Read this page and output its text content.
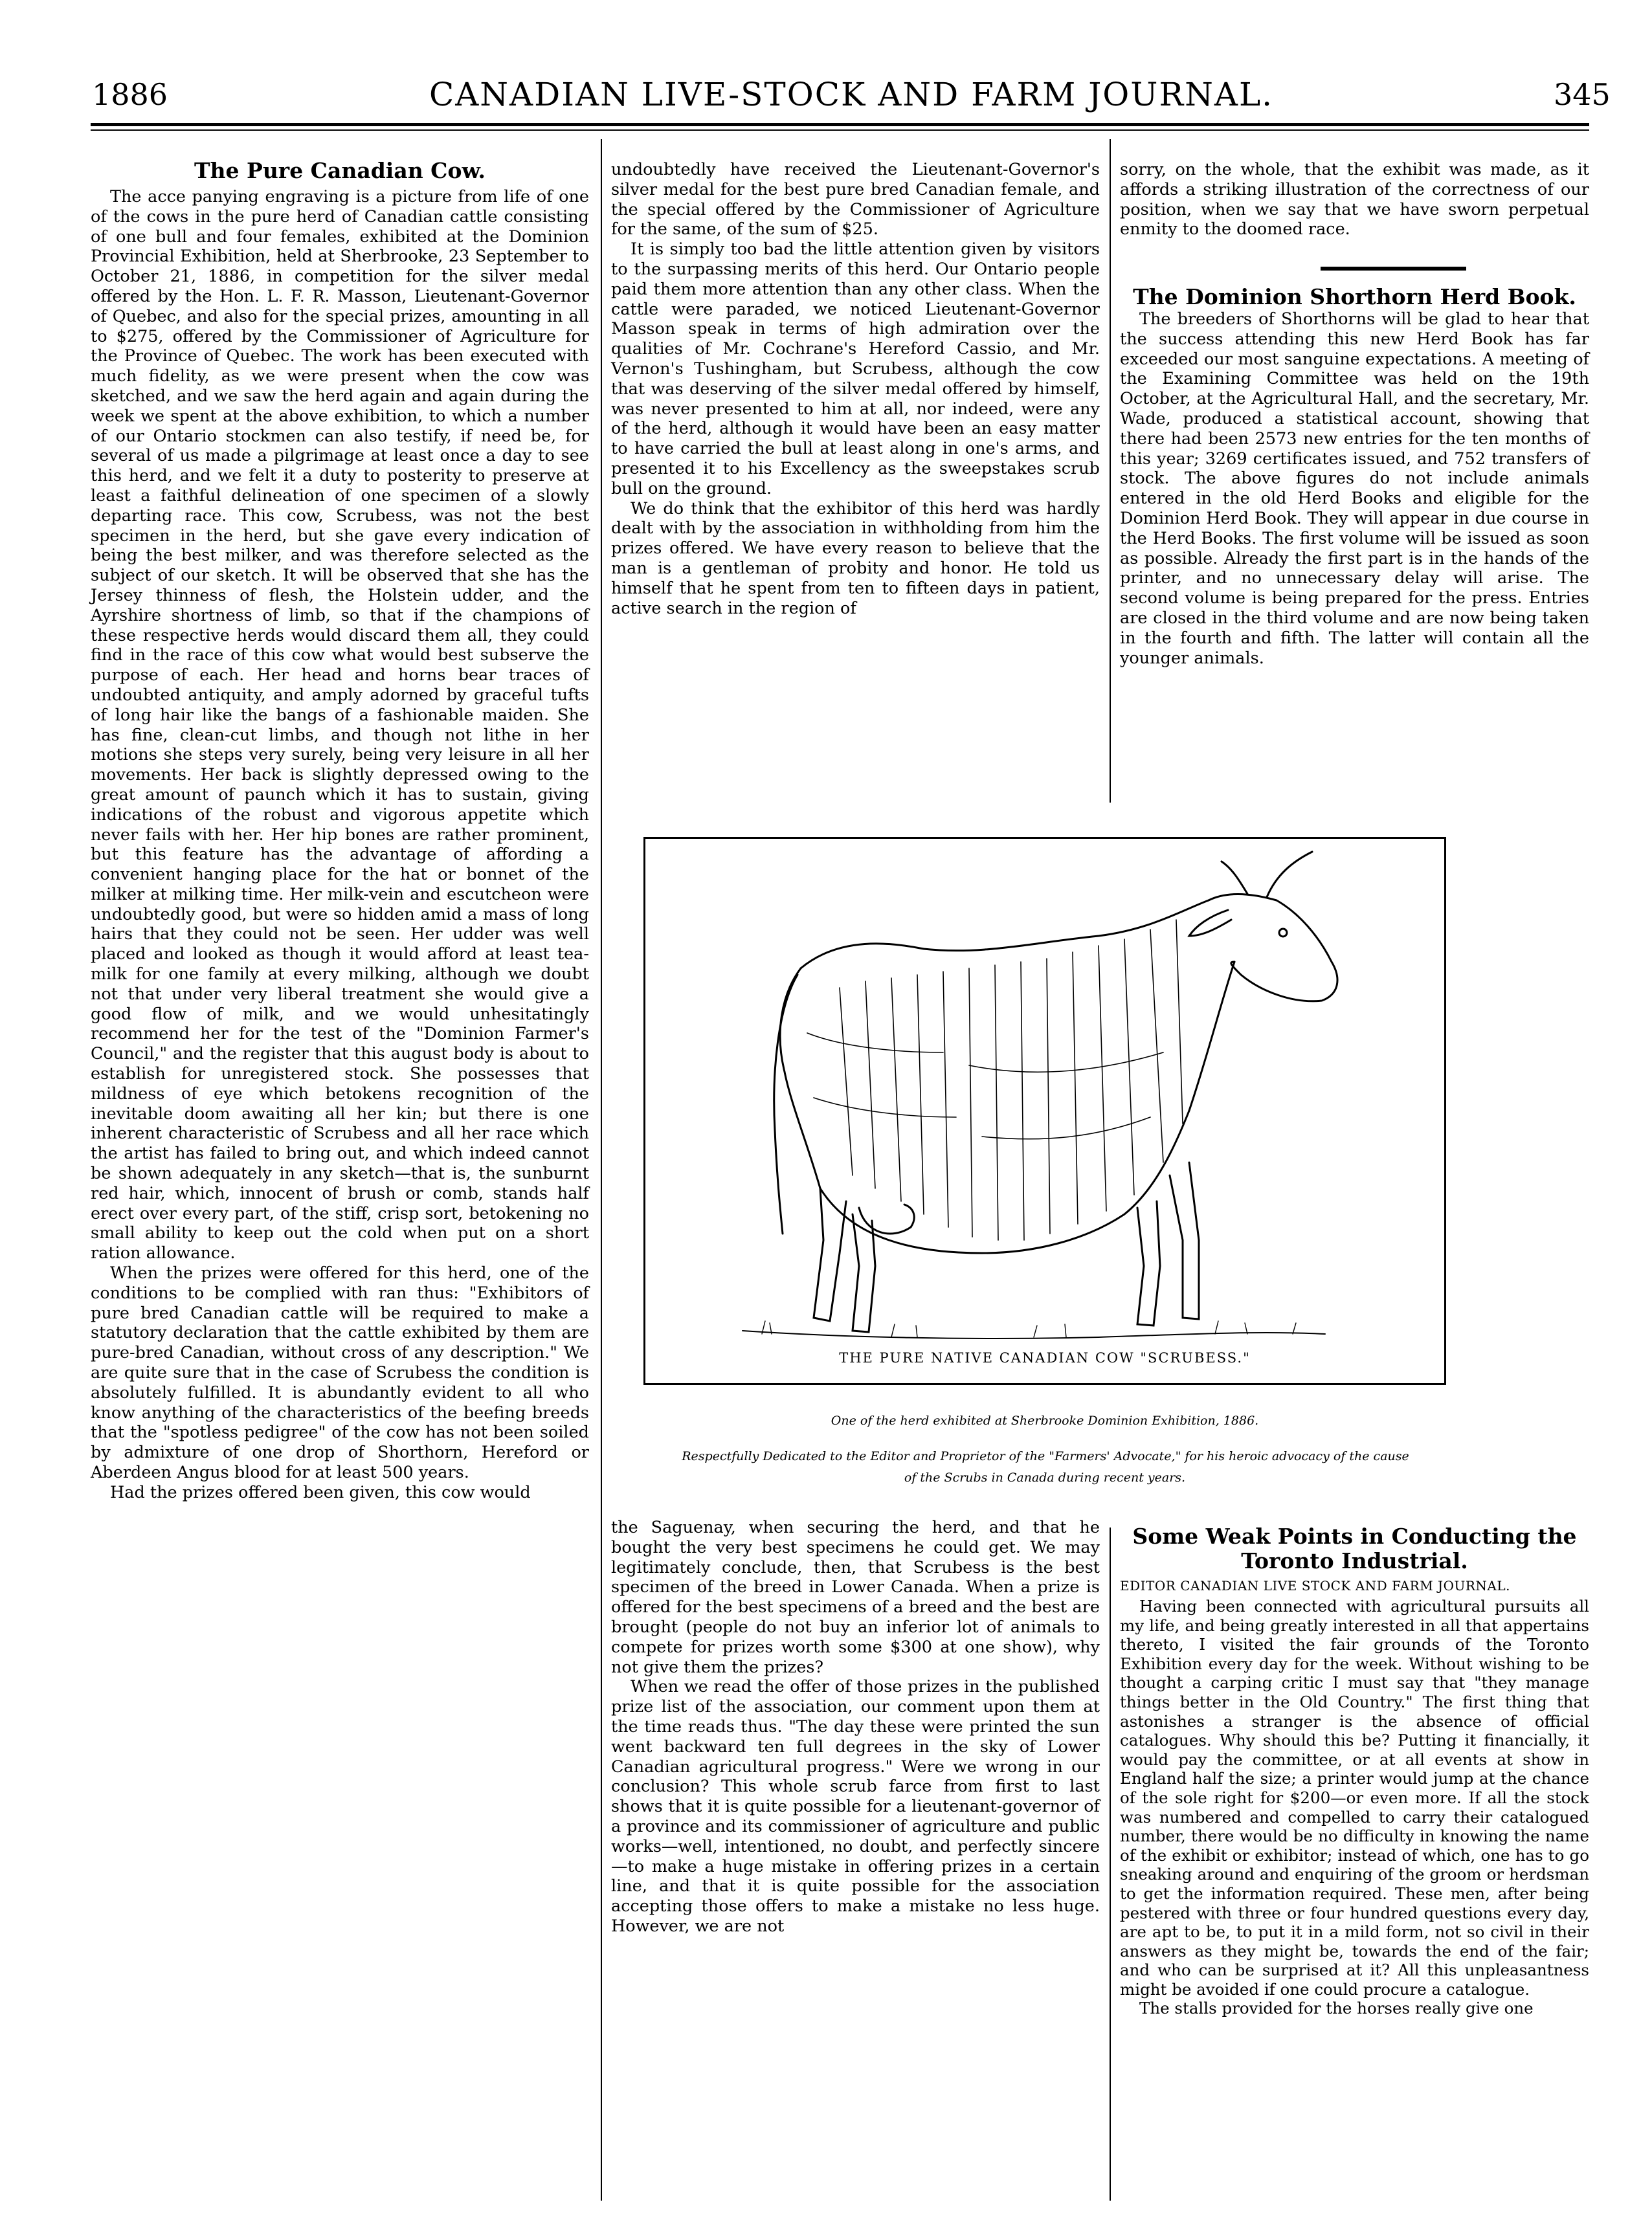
1886	CANADIAN LIVE-STOCK AND FARM JOURNAL.	345
The Pure Canadian Cow.

The acce panying engraving is a picture from life of one of the cows in the pure herd of Canadian cattle consisting of one bull and four females, exhibited at the Dominion Provincial Exhibition, held at Sherbrooke, 23 September to October 21, 1886, in competition for the silver medal offered by the Hon. L. F. R. Masson, Lieutenant-Governor of Quebec, and also for the special prizes, amounting in all to $275, offered by the Commissioner of Agriculture for the Province of Quebec. The work has been executed with much fidelity, as we were present when the cow was sketched, and we saw the herd again and again during the week we spent at the above exhibition, to which a number of our Ontario stockmen can also testify, if need be, for several of us made a pilgrimage at least once a day to see this herd, and we felt it a duty to posterity to preserve at least a faithful delineation of one specimen of a slowly departing race. This cow, Scrubess, was not the best specimen in the herd, but she gave every indication of being the best milker, and was therefore selected as the subject of our sketch. It will be observed that she has the Jersey thinness of flesh, the Holstein udder, and the Ayrshire shortness of limb, so that if the champions of these respective herds would discard them all, they could find in the race of this cow what would best subserve the purpose of each. Her head and horns bear traces of undoubted antiquity, and amply adorned by graceful tufts of long hair like the bangs of a fashionable maiden. She has fine, clean-cut limbs, and though not lithe in her motions she steps very surely, being very leisure in all her movements. Her back is slightly depressed owing to the great amount of paunch which it has to sustain, giving indications of the robust and vigorous appetite which never fails with her. Her hip bones are rather prominent, but this feature has the advantage of affording a convenient hanging place for the hat or bonnet of the milker at milking time. Her milk-vein and escutcheon were undoubtedly good, but were so hidden amid a mass of long hairs that they could not be seen. Her udder was well placed and looked as though it would afford at least tea-milk for one family at every milking, although we doubt not that under very liberal treatment she would give a good flow of milk, and we would unhesitatingly recommend her for the test of the "Dominion Farmer's Council," and the register that this august body is about to establish for unregistered stock. She possesses that mildness of eye which betokens recognition of the inevitable doom awaiting all her kin; but there is one inherent characteristic of Scrubess and all her race which the artist has failed to bring out, and which indeed cannot be shown adequately in any sketch—that is, the sunburnt red hair, which, innocent of brush or comb, stands half erect over every part, of the stiff, crisp sort, betokening no small ability to keep out the cold when put on a short ration allowance.

When the prizes were offered for this herd, one of the conditions to be complied with ran thus: "Exhibitors of pure bred Canadian cattle will be required to make a statutory declaration that the cattle exhibited by them are pure-bred Canadian, without cross of any description." We are quite sure that in the case of Scrubess the condition is absolutely fulfilled. It is abundantly evident to all who know anything of the characteristics of the beefing breeds that the "spotless pedigree" of the cow has not been soiled by admixture of one drop of Shorthorn, Hereford or Aberdeen Angus blood for at least 500 years.

Had the prizes offered been given, this cow would

undoubtedly have received the Lieutenant-Governor's silver medal for the best pure bred Canadian female, and the special offered by the Commissioner of Agriculture for the same, of the sum of $25.

It is simply too bad the little attention given by visitors to the surpassing merits of this herd. Our Ontario people paid them more attention than any other class. When the cattle were paraded, we noticed Lieutenant-Governor Masson speak in terms of high admiration over the qualities of Mr. Cochrane's Hereford Cassio, and Mr. Vernon's Tushingham, but Scrubess, although the cow that was deserving of the silver medal offered by himself, was never presented to him at all, nor indeed, were any of the herd, although it would have been an easy matter to have carried the bull at least along in one's arms, and presented it to his Excellency as the sweepstakes scrub bull on the ground.

We do think that the exhibitor of this herd was hardly dealt with by the association in withholding from him the prizes offered. We have every reason to believe that the man is a gentleman of probity and honor. He told us himself that he spent from ten to fifteen days in patient, active search in the region of

sorry, on the whole, that the exhibit was made, as it affords a striking illustration of the correctness of our position, when we say that we have sworn perpetual enmity to the doomed race.

The Dominion Shorthorn Herd Book.

The breeders of Shorthorns will be glad to hear that the success attending this new Herd Book has far exceeded our most sanguine expectations. A meeting of the Examining Committee was held on the 19th October, at the Agricultural Hall, and the secretary, Mr. Wade, produced a statistical account, showing that there had been 2573 new entries for the ten months of this year; 3269 certificates issued, and 752 transfers of stock. The above figures do not include animals entered in the old Herd Books and eligible for the Dominion Herd Book. They will appear in due course in the Herd Books. The first volume will be issued as soon as possible. Already the first part is in the hands of the printer, and no unnecessary delay will arise. The second volume is being prepared for the press. Entries are closed in the third volume and are now being taken in the fourth and fifth. The latter will contain all the younger animals.

THE PURE NATIVE CANADIAN COW "SCRUBESS."
One of the herd exhibited at Sherbrooke Dominion Exhibition, 1886.
Respectfully Dedicated to the Editor and Proprietor of the "Farmers' Advocate," for his heroic advocacy of the cause
of the Scrubs in Canada during recent years.

the Saguenay, when securing the herd, and that he bought the very best specimens he could get. We may legitimately conclude, then, that Scrubess is the best specimen of the breed in Lower Canada. When a prize is offered for the best specimens of a breed and the best are brought (people do not buy an inferior lot of animals to compete for prizes worth some $300 at one show), why not give them the prizes?

When we read the offer of those prizes in the published prize list of the association, our comment upon them at the time reads thus. "The day these were printed the sun went backward ten full degrees in the sky of Lower Canadian agricultural progress." Were we wrong in our conclusion? This whole scrub farce from first to last shows that it is quite possible for a lieutenant-governor of a province and its commissioner of agriculture and public works—well, intentioned, no doubt, and perfectly sincere—to make a huge mistake in offering prizes in a certain line, and that it is quite possible for the association accepting those offers to make a mistake no less huge. However, we are not

Some Weak Points in Conducting the
Toronto Industrial.
EDITOR CANADIAN LIVE STOCK AND FARM JOURNAL.

Having been connected with agricultural pursuits all my life, and being greatly interested in all that appertains thereto, I visited the fair grounds of the Toronto Exhibition every day for the week. Without wishing to be thought a carping critic I must say that "they manage things better in the Old Country." The first thing that astonishes a stranger is the absence of official catalogues. Why should this be? Putting it financially, it would pay the committee, or at all events at show in England half the size; a printer would jump at the chance of the sole right for $200—or even more. If all the stock was numbered and compelled to carry their catalogued number, there would be no difficulty in knowing the name of the exhibit or exhibitor; instead of which, one has to go sneaking around and enquiring of the groom or herdsman to get the information required. These men, after being pestered with three or four hundred questions every day, are apt to be, to put it in a mild form, not so civil in their answers as they might be, towards the end of the fair; and who can be surprised at it? All this unpleasantness might be avoided if one could procure a catalogue.

The stalls provided for the horses really give one
